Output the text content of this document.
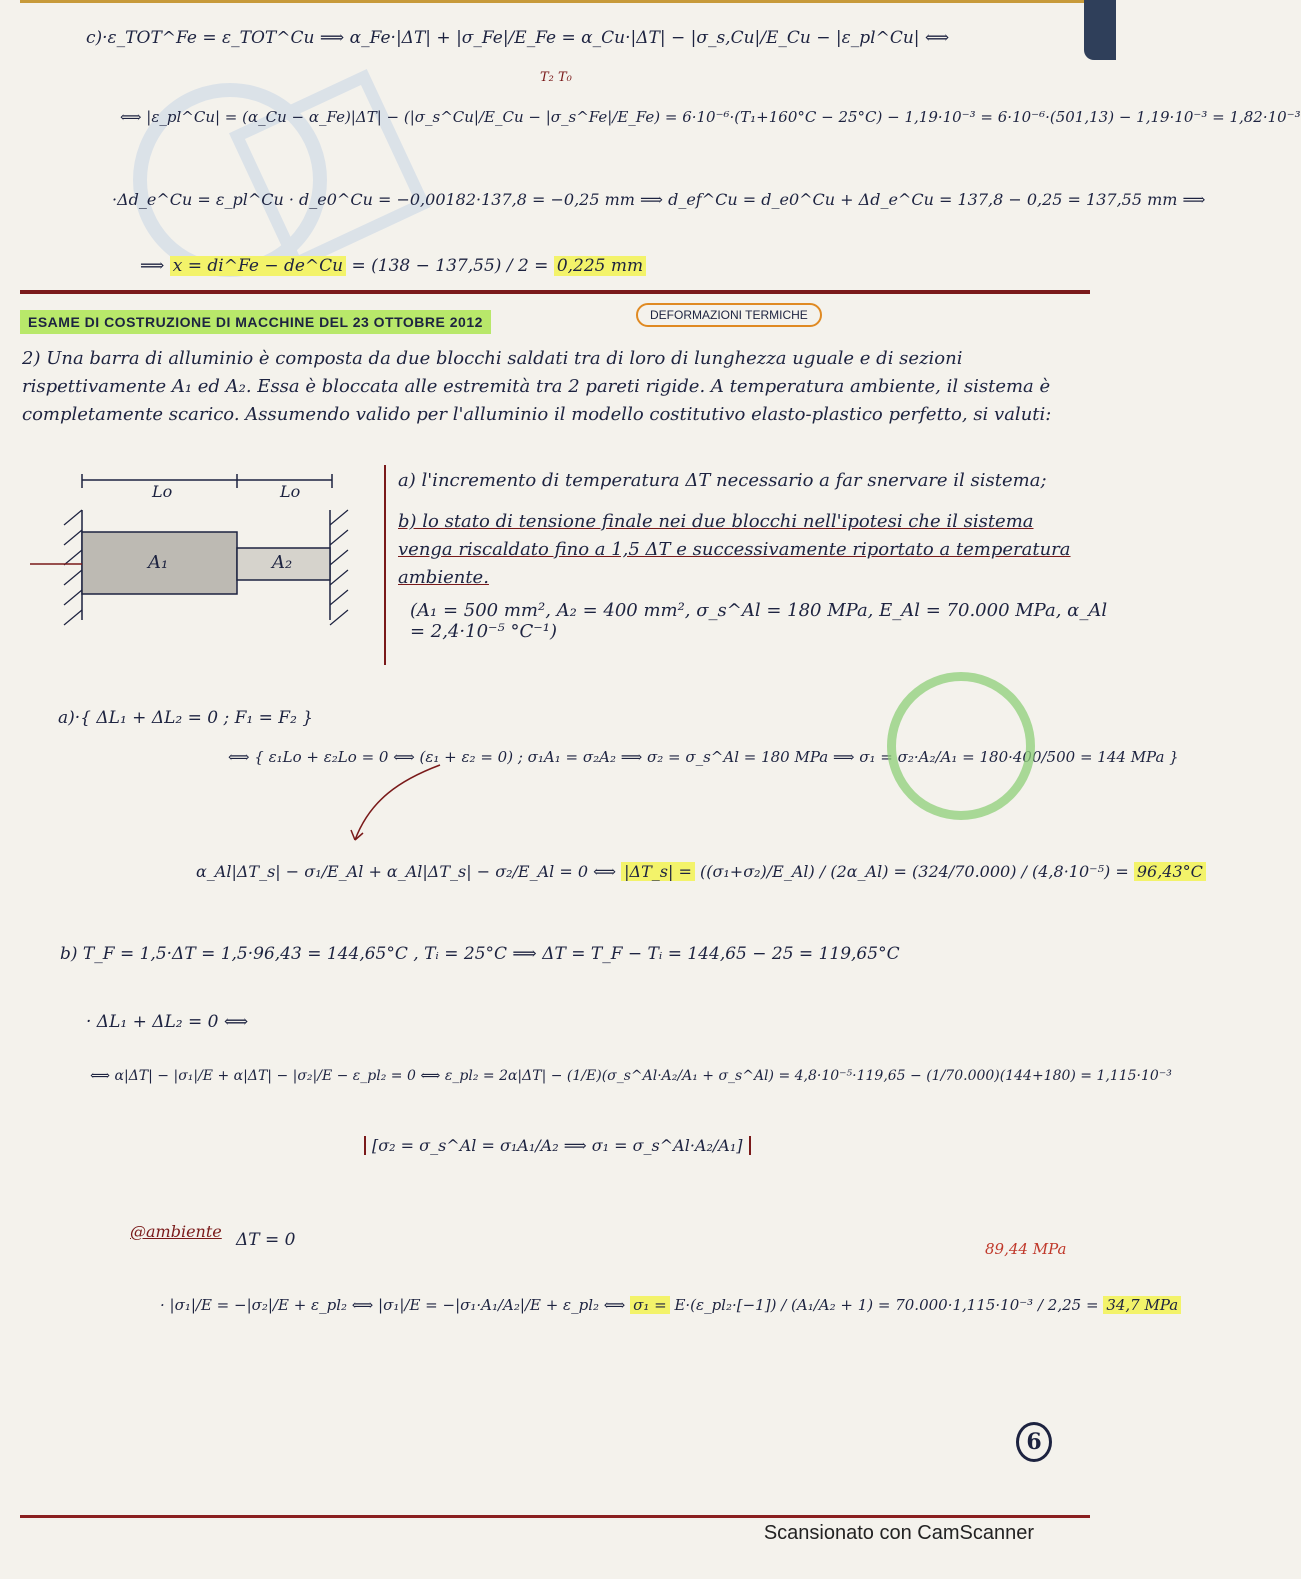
c)·ε_TOT^Fe = ε_TOT^Cu ⟹ α_Fe·|ΔT| + |σ_Fe|/E_Fe = α_Cu·|ΔT| − |σ_s,Cu|/E_Cu − |ε_pl^Cu| ⟺
T₂ T₀
⟺ |ε_pl^Cu| = (α_Cu − α_Fe)|ΔT| − (|σ_s^Cu|/E_Cu − |σ_s^Fe|/E_Fe) = 6·10⁻⁶·(T₁+160°C − 25°C) − 1,19·10⁻³ = 6·10⁻⁶·(501,13) − 1,19·10⁻³ = 1,82·10⁻³
·Δd_e^Cu = ε_pl^Cu · d_e0^Cu = −0,00182·137,8 = −0,25 mm ⟹ d_ef^Cu = d_e0^Cu + Δd_e^Cu = 137,8 − 0,25 = 137,55 mm ⟹
⟹ x = di^Fe − de^Cu = (138 − 137,55) / 2 = 0,225 mm
ESAME DI COSTRUZIONE DI MACCHINE DEL 23 OTTOBRE 2012	DEFORMAZIONI TERMICHE
2) Una barra di alluminio è composta da due blocchi saldati tra di loro di lunghezza uguale e di sezioni rispettivamente A₁ ed A₂. Essa è bloccata alle estremità tra 2 pareti rigide. A temperatura ambiente, il sistema è completamente scarico. Assumendo valido per l'alluminio il modello costitutivo elasto-plastico perfetto, si valuti:
Lo	Lo
A₁	A₂
a) l'incremento di temperatura ΔT necessario a far snervare il sistema;
b) lo stato di tensione finale nei due blocchi nell'ipotesi che il sistema venga riscaldato fino a 1,5 ΔT e successivamente riportato a temperatura ambiente.
(A₁ = 500 mm², A₂ = 400 mm², σ_s^Al = 180 MPa, E_Al = 70.000 MPa, α_Al = 2,4·10⁻⁵ °C⁻¹)
a)·{ ΔL₁ + ΔL₂ = 0 ; F₁ = F₂ }
⟺ { ε₁Lo + ε₂Lo = 0 ⟺ (ε₁ + ε₂ = 0) ; σ₁A₁ = σ₂A₂ ⟹ σ₂ = σ_s^Al = 180 MPa ⟹ σ₁ = σ₂·A₂/A₁ = 180·400/500 = 144 MPa }
α_Al|ΔT_s| − σ₁/E_Al + α_Al|ΔT_s| − σ₂/E_Al = 0 ⟺ |ΔT_s| = ((σ₁+σ₂)/E_Al) / (2α_Al) = (324/70.000) / (4,8·10⁻⁵) = 96,43°C
b) T_F = 1,5·ΔT = 1,5·96,43 = 144,65°C , Tᵢ = 25°C ⟹ ΔT = T_F − Tᵢ = 144,65 − 25 = 119,65°C
· ΔL₁ + ΔL₂ = 0 ⟺
⟺ α|ΔT| − |σ₁|/E + α|ΔT| − |σ₂|/E − ε_pl₂ = 0 ⟺ ε_pl₂ = 2α|ΔT| − (1/E)(σ_s^Al·A₂/A₁ + σ_s^Al) = 4,8·10⁻⁵·119,65 − (1/70.000)(144+180) = 1,115·10⁻³
[σ₂ = σ_s^Al = σ₁A₁/A₂ ⟹ σ₁ = σ_s^Al·A₂/A₁]
@ambiente ΔT = 0	89,44 MPa
· |σ₁|/E = −|σ₂|/E + ε_pl₂ ⟺ |σ₁|/E = −|σ₁·A₁/A₂|/E + ε_pl₂ ⟺ σ₁ = E·(ε_pl₂·[−1]) / (A₁/A₂ + 1) = 70.000·1,115·10⁻³ / 2,25 = 34,7 MPa
6
Scansionato con CamScanner
